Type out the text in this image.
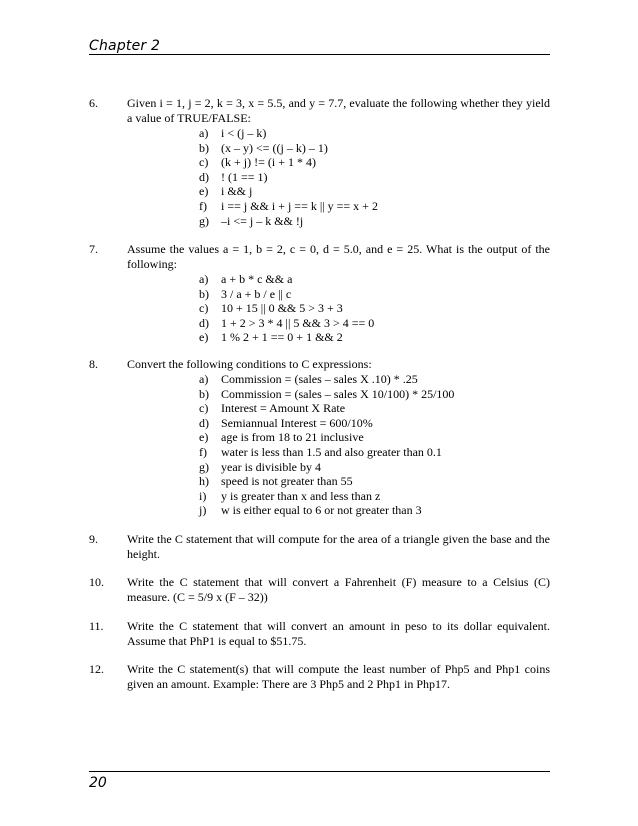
Chapter 2
6. Given i = 1, j = 2, k = 3, x = 5.5, and y = 7.7, evaluate the following whether they yield a value of TRUE/FALSE:

a) i < (j – k)
b) (x – y) <= ((j – k) – 1)
c) (k + j) != (i + 1 * 4)
d) ! (1 == 1)
e) i && j
f) i == j && i + j == k || y == x + 2
g) –i <= j – k && !j
7. Assume the values a = 1, b = 2, c = 0, d = 5.0, and e = 25. What is the output of the following:

a) a + b * c && a
b) 3 / a + b / e || c
c) 10 + 15 || 0 && 5 > 3 + 3
d) 1 + 2 > 3 * 4 || 5 && 3 > 4 == 0
e) 1 % 2 + 1 == 0 + 1 && 2
8. Convert the following conditions to C expressions:

a) Commission = (sales – sales X .10) * .25
b) Commission = (sales – sales X 10/100) * 25/100
c) Interest = Amount X Rate
d) Semiannual Interest = 600/10%
e) age is from 18 to 21 inclusive
f) water is less than 1.5 and also greater than 0.1
g) year is divisible by 4
h) speed is not greater than 55
i) y is greater than x and less than z
j) w is either equal to 6 or not greater than 3
9. Write the C statement that will compute for the area of a triangle given the base and the height.

10. Write the C statement that will convert a Fahrenheit (F) measure to a Celsius (C) measure. (C = 5/9 x (F – 32))

11. Write the C statement that will convert an amount in peso to its dollar equivalent. Assume that PhP1 is equal to $51.75.

12. Write the C statement(s) that will compute the least number of Php5 and Php1 coins given an amount. Example: There are 3 Php5 and 2 Php1 in Php17.

20
